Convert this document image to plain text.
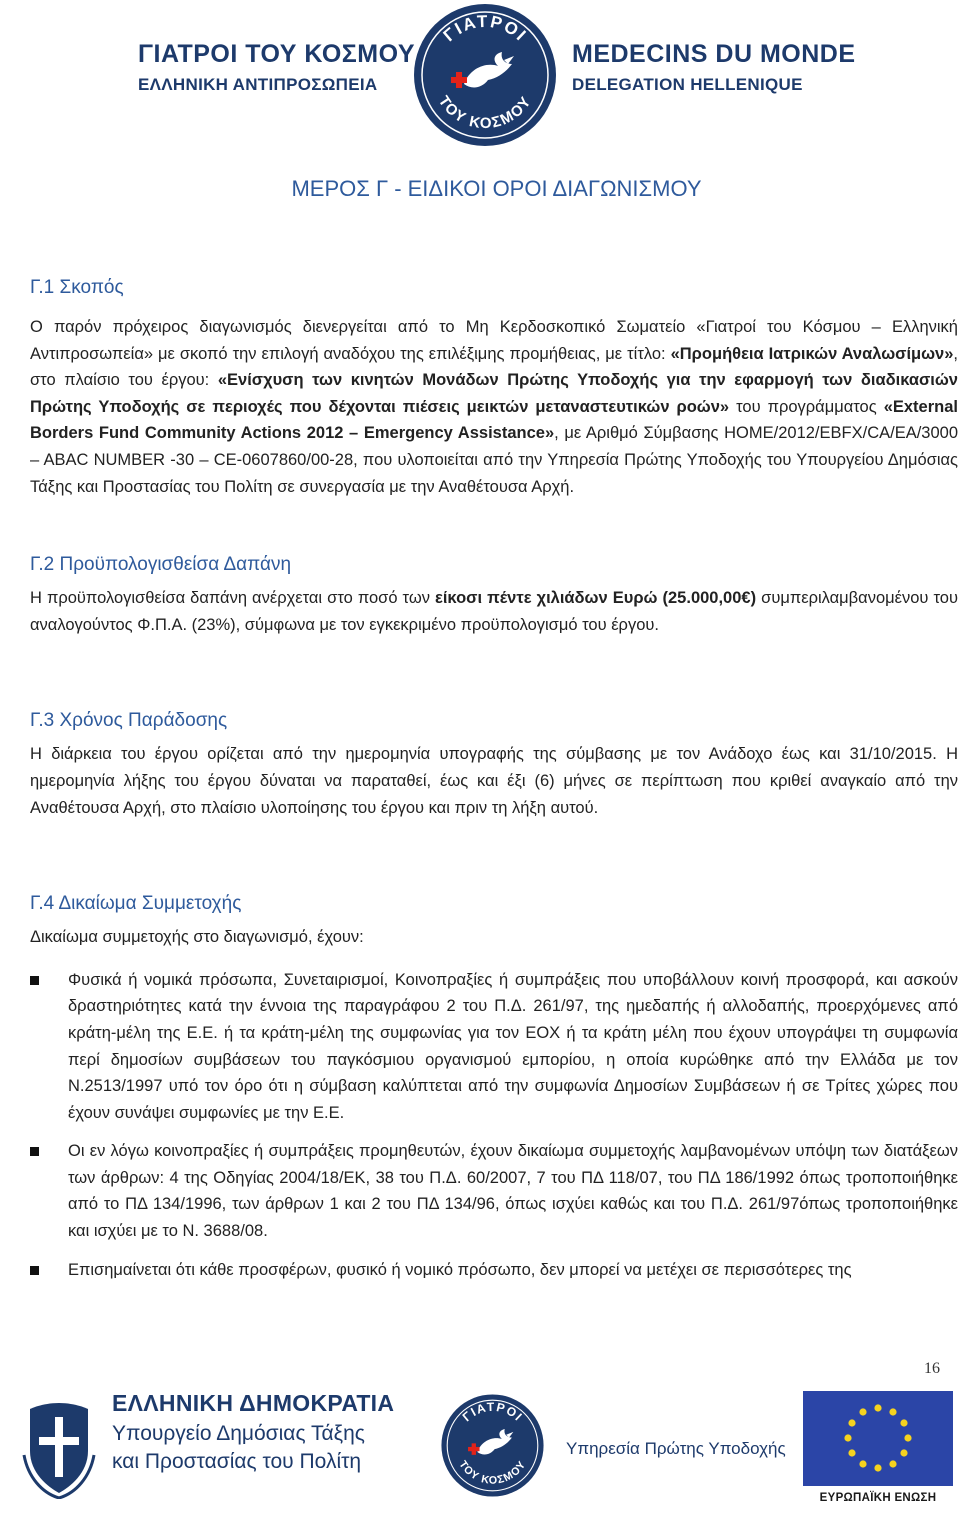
ΓΙΑΤΡΟΙ ΤΟΥ ΚΟΣΜΟΥ
ΕΛΛΗΝΙΚΗ ΑΝΤΙΠΡΟΣΩΠΕΙΑ
ΓΙΑΤΡΟΙ
ΤΟΥ ΚΟΣΜΟΥ
MEDECINS DU MONDE
DELEGATION HELLENIQUE
ΜΕΡΟΣ Γ - ΕΙΔΙΚΟΙ ΟΡΟΙ ΔΙΑΓΩΝΙΣΜΟΥ
Γ.1 Σκοπός

Ο παρόν πρόχειρος διαγωνισμός διενεργείται από το Μη Κερδοσκοπικό Σωματείο «Γιατροί του Κόσμου – Ελληνική Αντιπροσωπεία» με σκοπό την επιλογή αναδόχου της επιλέξιμης προμήθειας, με τίτλο: «Προμήθεια Ιατρικών Αναλωσίμων», στο πλαίσιο του έργου: «Ενίσχυση των κινητών Μονάδων Πρώτης Υποδοχής για την εφαρμογή των διαδικασιών Πρώτης Υποδοχής σε περιοχές που δέχονται πιέσεις μεικτών μεταναστευτικών ροών» του προγράμματος «External Borders Fund Community Actions 2012 – Emergency Assistance», με Αριθμό Σύμβασης HOME/2012/EBFX/CA/EA/3000 – ABAC NUMBER -30 – CE-0607860/00-28, που υλοποιείται από την Υπηρεσία Πρώτης Υποδοχής του Υπουργείου Δημόσιας Τάξης και Προστασίας του Πολίτη σε συνεργασία με την Αναθέτουσα Αρχή.

Γ.2 Προϋπολογισθείσα Δαπάνη

Η προϋπολογισθείσα δαπάνη ανέρχεται στο ποσό των είκοσι πέντε χιλιάδων Ευρώ (25.000,00€) συμπεριλαμβανομένου του αναλογούντος Φ.Π.Α. (23%), σύμφωνα με τον εγκεκριμένο προϋπολογισμό του έργου.

Γ.3 Χρόνος Παράδοσης

Η διάρκεια του έργου ορίζεται από την ημερομηνία υπογραφής της σύμβασης με τον Ανάδοχο έως και 31/10/2015. Η ημερομηνία λήξης του έργου δύναται να παραταθεί, έως και έξι (6) μήνες σε περίπτωση που κριθεί αναγκαίο από την Αναθέτουσα Αρχή, στο πλαίσιο υλοποίησης του έργου και πριν τη λήξη αυτού.

Γ.4 Δικαίωμα Συμμετοχής

Δικαίωμα συμμετοχής στο διαγωνισμό, έχουν:

Φυσικά ή νομικά πρόσωπα, Συνεταιρισμοί, Κοινοπραξίες ή συμπράξεις που υποβάλλουν κοινή προσφορά, και ασκούν δραστηριότητες κατά την έννοια της παραγράφου 2 του Π.Δ. 261/97, της ημεδαπής ή αλλοδαπής, προερχόμενες από κράτη-μέλη της Ε.Ε. ή τα κράτη-μέλη της συμφωνίας για τον ΕΟΧ ή τα κράτη μέλη που έχουν υπογράψει τη συμφωνία περί δημοσίων συμβάσεων του παγκόσμιου οργανισμού εμπορίου, η οποία κυρώθηκε από την Ελλάδα με τον Ν.2513/1997 υπό τον όρο ότι η σύμβαση καλύπτεται από την συμφωνία Δημοσίων Συμβάσεων ή σε Τρίτες χώρες που έχουν συνάψει συμφωνίες με την Ε.Ε.
Οι εν λόγω κοινοπραξίες ή συμπράξεις προμηθευτών, έχουν δικαίωμα συμμετοχής λαμβανομένων υπόψη των διατάξεων των άρθρων: 4 της Οδηγίας 2004/18/ΕΚ, 38 του Π.Δ. 60/2007, 7 του ΠΔ 118/07, του ΠΔ 186/1992 όπως τροποποιήθηκε από το ΠΔ 134/1996, των άρθρων 1 και 2 του ΠΔ 134/96, όπως ισχύει καθώς και του Π.Δ. 261/97όπως τροποποιήθηκε και ισχύει με το Ν. 3688/08.
Επισημαίνεται ότι κάθε προσφέρων, φυσικό ή νομικό πρόσωπο, δεν μπορεί να μετέχει σε περισσότερες της
16
ΕΛΛΗΝΙΚΗ ΔΗΜΟΚΡΑΤΙΑ
Υπουργείο Δημόσιας Τάξης
και Προστασίας του Πολίτη
ΓΙΑΤΡΟΙ
ΤΟΥ ΚΟΣΜΟΥ
Υπηρεσία Πρώτης Υποδοχής
ΕΥΡΩΠΑΪΚΗ ΕΝΩΣΗ
